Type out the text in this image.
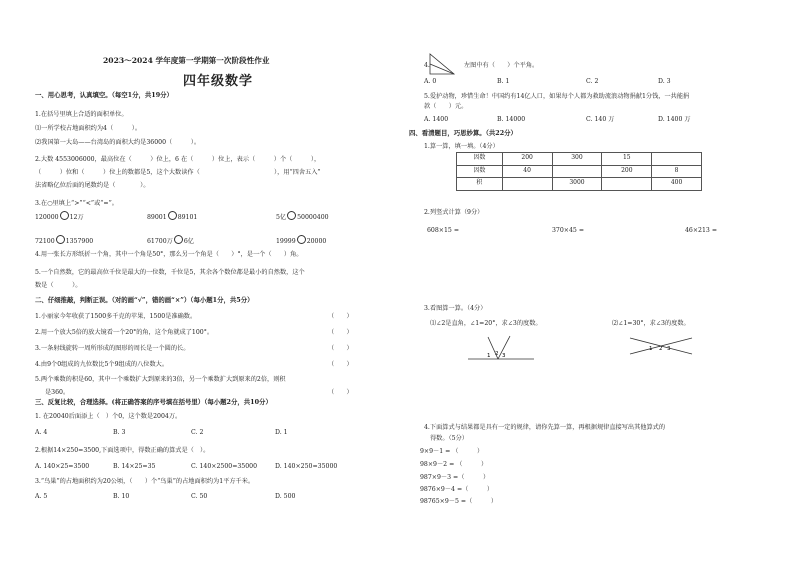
2023～2024 学年度第一学期第一次阶段性作业
四年级数学
一、用心思考，认真填空。（每空1分，共19分）
1.在括号里填上合适的面积单位。
⑴一所学校占地面积约为4（　　　）。
⑵我国第一大岛——台湾岛的面积大约是36000（　　　）。
2.大数 4553006000，最高位在（　　　）位上，6 在（　　　）位上，表示（　　　）个（　　　），
（　　　）位和（　　　）位上的数都是5，这个大数读作（　　　　　　　　　　　　），用“四舍五入”
法省略亿位后面的尾数约是（　　　　）。
3.在○里填上“>”“<”或“=”。
120000 12万	89001 89101	5亿 50000400
72100 1357900	61700万 6亿	19999 20000
4.用一张长方形纸折一个角，其中一个角是50°，那么另一个角是（　　）°，是一个（　　）角。
5.一个自然数，它的最高位千位是最大的一位数，千位是5，其余各个数位都是最小的自然数，这个
数是（　　　）。
二、仔细推敲，判断正误。（对的画“√”，错的画“×”）（每小题1分，共5分）
1.小丽家今年收获了1500多千克的苹果，1500是准确数。	（　　）
2.用一个放大5倍的放大镜看一个20°的角，这个角就成了100°。	（　　）
3.一条射线旋转一周所形成的图形的周长是一个圆的长。	（　　）
4.由9个0组成的九位数比5个9组成的八位数大。	（　　）
5.两个乘数的积是60，其中一个乘数扩大到原来的3倍，另一个乘数扩大到原来的2倍，则积
是360。	（　　）
三、反复比较，合理选择。(将正确答案的序号填在括号里）（每小题2分，共10分）
1. 在20040后面添上（　）个0，这个数是2004万。
A. 4	B. 3	C. 2	D. 1
2.根据14×250=3500,下面选项中，得数正确的算式是（　）。
A. 140×25=3500	B. 14×25=35	C. 140×2500=35000	D. 140×250=35000
3.“鸟巢”的占地面积约为20公顷，（　　）个“鸟巢”的占地面积约为1平方千米。
A. 5	B. 10	C. 50	D. 500
4.	左图中有（　　）个平角。
A. 0	B. 1	C. 2	D. 3
5.爱护动物，珍惜生命！中国约有14亿人口，如果每个人都为救助流浪动物捐献1分钱，一共能捐
款（　　）元。
A. 1400	B. 14000	C. 140 万	D. 1400 万
四、看清题目，巧思妙算。（共22分）
1.算一算，填一填。（4分）
因数	200	300	15	
因数	40		200	8
积		3000		400
2.列竖式计算（9分）
608×15 =	370×45 =	46×213 =
3.看图算一算。（4分）
⑴∠2是直角，∠1=20°，求∠3的度数。	⑵∠1=30°，求∠3的度数。
1 2 3
1 2 3
4.下面算式与结果都是具有一定的规律，请你先算一算，再根据规律直接写出其他算式的
得数。（5分）
9×9－1 = （　　　）
98×9－2 = （　　　）
987×9－3 =（　　　）
9876×9－4 =（　　　）
98765×9－5 =（　　　）
